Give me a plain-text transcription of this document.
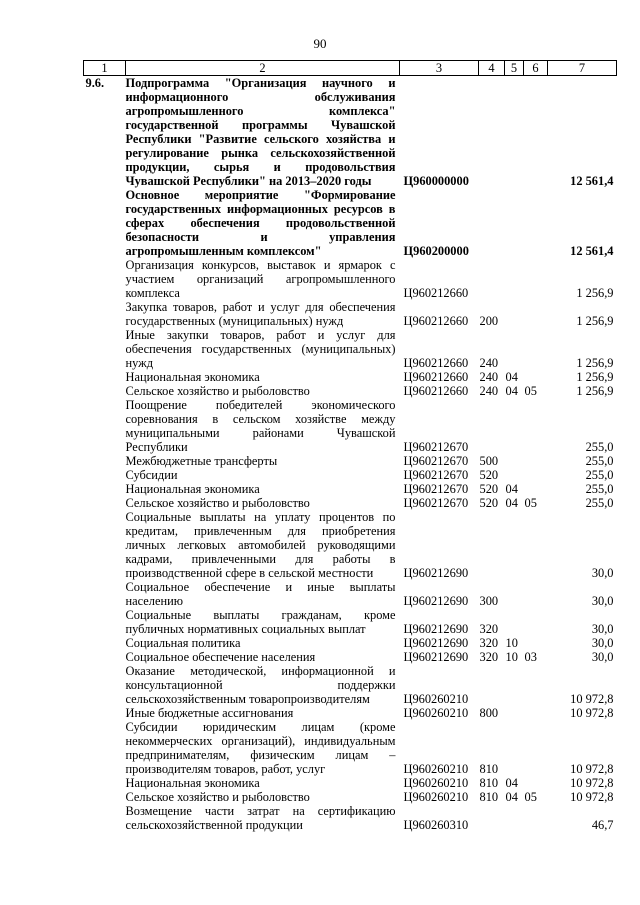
90
1	2	3	4	5	6	7
9.6.	Подпрограмма "Организация научного и информационного обслуживания агропромышленного комплекса" государственной программы Чувашской Республики "Развитие сельского хозяйства и регулирование рынка сельскохозяйственной продукции, сырья и продовольствия Чувашской Республики" на 2013–2020 годы	Ц960000000				12 561,4
	Основное мероприятие "Формирование государственных информационных ресурсов в сферах обеспечения продовольственной безопасности и управления агропромышленным комплексом"	Ц960200000				12 561,4
	Организация конкурсов, выставок и ярмарок с участием организаций агропромышленного комплекса	Ц960212660				1 256,9
	Закупка товаров, работ и услуг для обеспечения государственных (муниципальных) нужд	Ц960212660	200			1 256,9
	Иные закупки товаров, работ и услуг для обеспечения государственных (муниципальных) нужд	Ц960212660	240			1 256,9
	Национальная экономика	Ц960212660	240	04		1 256,9
	Сельское хозяйство и рыболовство	Ц960212660	240	04	05	1 256,9
	Поощрение победителей экономического соревнования в сельском хозяйстве между муниципальными районами Чувашской Республики	Ц960212670				255,0
	Межбюджетные трансферты	Ц960212670	500			255,0
	Субсидии	Ц960212670	520			255,0
	Национальная экономика	Ц960212670	520	04		255,0
	Сельское хозяйство и рыболовство	Ц960212670	520	04	05	255,0
	Социальные выплаты на уплату процентов по кредитам, привлеченным для приобретения личных легковых автомобилей руководящими кадрами, привлеченными для работы в производственной сфере в сельской местности	Ц960212690				30,0
	Социальное обеспечение и иные выплаты населению	Ц960212690	300			30,0
	Социальные выплаты гражданам, кроме публичных нормативных социальных выплат	Ц960212690	320			30,0
	Социальная политика	Ц960212690	320	10		30,0
	Социальное обеспечение населения	Ц960212690	320	10	03	30,0
	Оказание методической, информационной и консультационной поддержки сельскохозяйственным товаропроизводителям	Ц960260210				10 972,8
	Иные бюджетные ассигнования	Ц960260210	800			10 972,8
	Субсидии юридическим лицам (кроме некоммерческих организаций), индивидуальным предпринимателям, физическим лицам – производителям товаров, работ, услуг	Ц960260210	810			10 972,8
	Национальная экономика	Ц960260210	810	04		10 972,8
	Сельское хозяйство и рыболовство	Ц960260210	810	04	05	10 972,8
	Возмещение части затрат на сертификацию сельскохозяйственной продукции	Ц960260310				46,7
